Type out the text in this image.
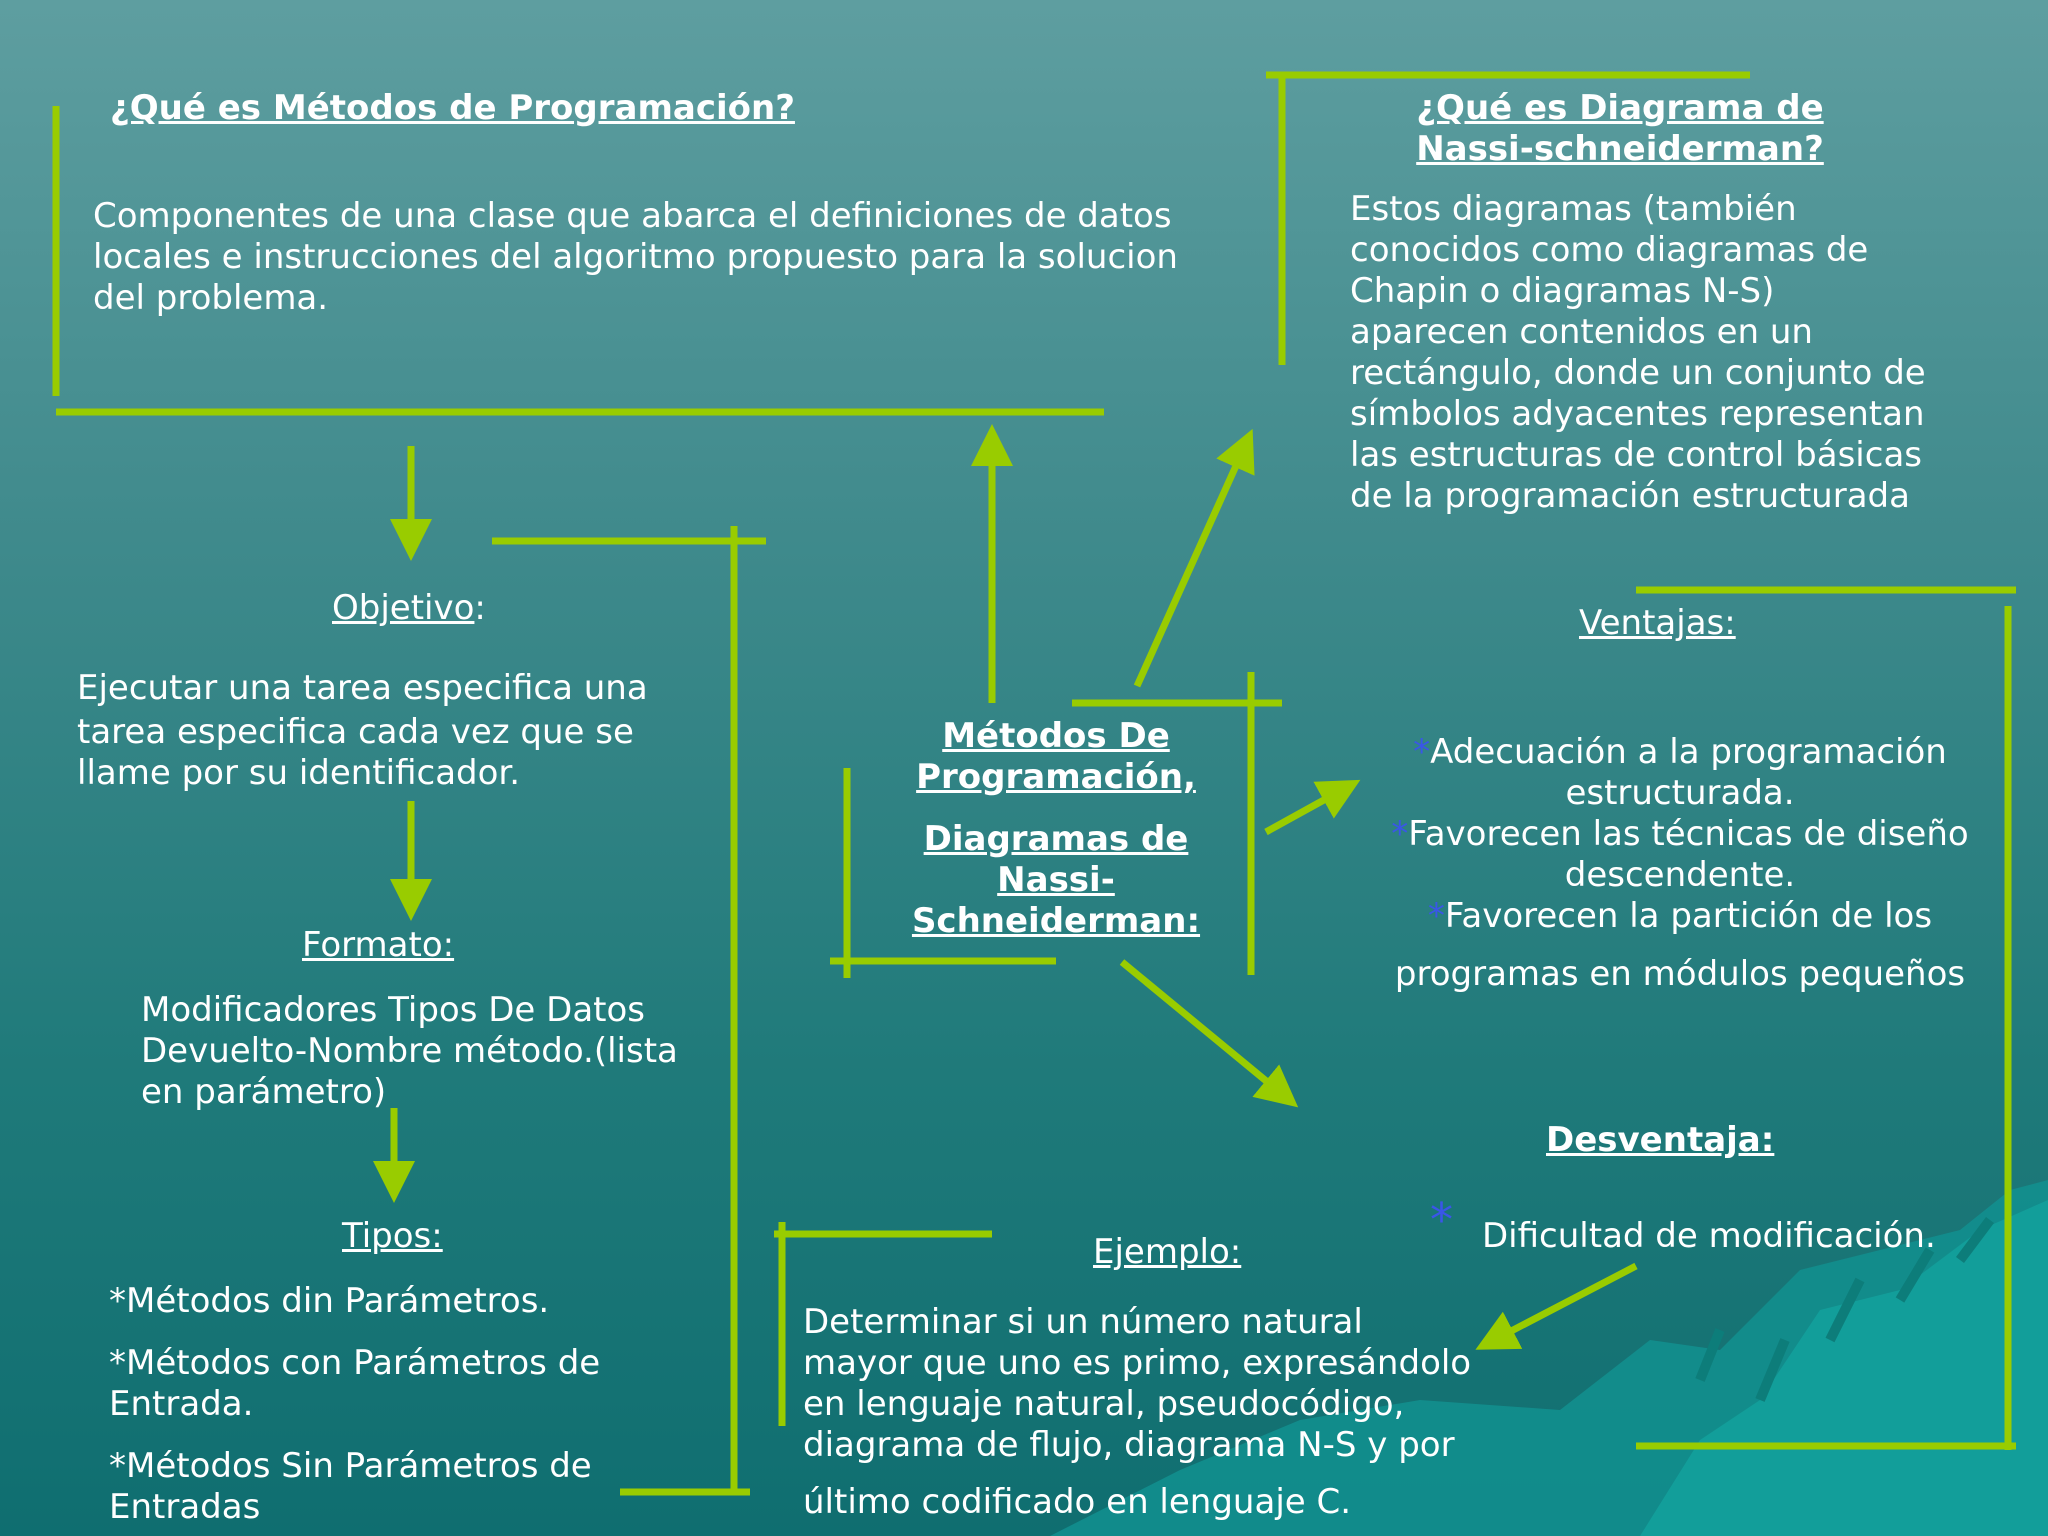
¿Qué es Métodos de Programación?
Componentes de una clase que abarca el definiciones de datos
locales e instrucciones del algoritmo propuesto para la solucion
del problema.
¿Qué es Diagrama de
Nassi-schneiderman?
Estos diagramas (también
conocidos como diagramas de
Chapin o diagramas N-S)
aparecen contenidos en un
rectángulo, donde un conjunto de
símbolos adyacentes representan
las estructuras de control básicas
de la programación estructurada
Objetivo:
Ejecutar una tarea especifica una
tarea especifica cada vez que se
llame por su identificador.
Formato:
Modificadores Tipos De Datos
Devuelto-Nombre método.(lista
en parámetro)
Tipos:
*Métodos din Parámetros.
*Métodos con Parámetros de
Entrada.
*Métodos Sin Parámetros de
Entradas
Métodos De
Programación,
Diagramas de
Nassi-
Schneiderman:
Ventajas:
*Adecuación a la programación
estructurada.
*Favorecen las técnicas de diseño
descendente.
*Favorecen la partición de los
programas en módulos pequeños
Desventaja:
* Dificultad de modificación.
Ejemplo:
Determinar si un número natural
mayor que uno es primo, expresándolo
en lenguaje natural, pseudocódigo,
diagrama de flujo, diagrama N-S y por
último codificado en lenguaje C.
